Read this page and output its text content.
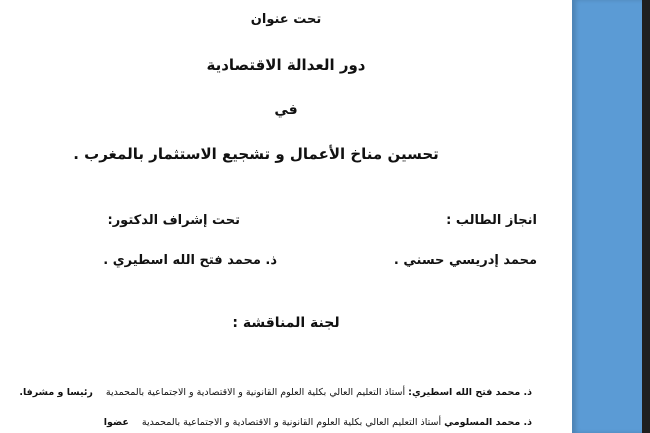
تحت عنوان
دور العدالة الاقتصادية
في
تحسين مناخ الأعمال و تشجيع الاستثمار بالمغرب .
انجاز الطالب :
تحت إشراف الدكتور:
محمد إدريسي حسني .
ذ. محمد فتح الله اسطيري .
لجنة المناقشة :
ذ. محمد فتح الله اسطيري: أستاذ التعليم العالي بكلية العلوم القانونية و الاقتصادية و الاجتماعية بالمحمدية رئيسا و مشرفا.
ذ. محمد المسلومي أستاذ التعليم العالي بكلية العلوم القانونية و الاقتصادية و الاجتماعية بالمحمدية عضوا
